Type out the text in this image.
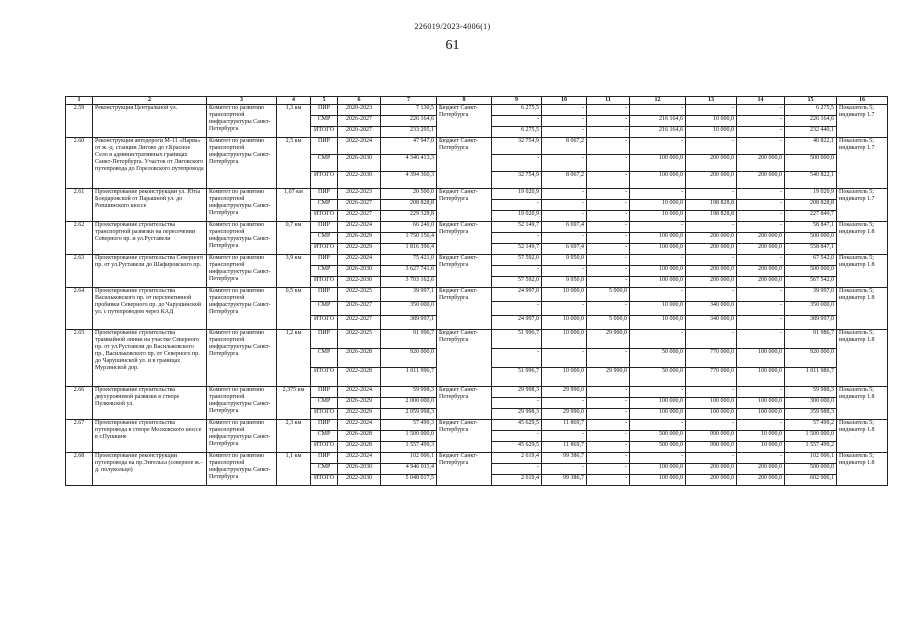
226019/2023-4006(1)
61
1	2	3	4	5	6	7	8	9	10	11	12	13	14	15	16
2.59	Реконструкция Центральной ул.	Комитет по развитию транспортной инфраструктуры Санкт-Петербурга	1,3 км	ПИР	2020-2023	7 130,5	Бюджет Санкт-Петербурга	6 275,5	-	-	-	-	-	6 275,5	Показатель 5; индикатор 1.7
				СМР	2026-2027	226 164,6		-	-	-	216 164,6	10 000,0	-	226 164,6	
				ИТОГО	2020-2027	233 295,1		6 275,5	-	-	216 164,6	10 000,0	-	232 440,1	
2.60	Реконструкция автодороги М-11 «Нарва» от ж.-д. станции Лигово до г.Красное Село в административных границах Санкт-Петербурга. Участок от Лиговского путепровода до Гореловского путепровода	Комитет по развитию транспортной инфраструктуры Санкт-Петербурга	2,5 км	ПИР	2022-2024	47 947,0	Бюджет Санкт-Петербурга	32 754,9	8 067,2	-	-	-	-	40 822,1	Показатель 5; индикатор 1.7
				СМР	2026-2030	4 346 413,3		-	-	-	100 000,0	200 000,0	200 000,0	500 000,0	
				ИТОГО	2022-2030	4 394 360,3		32 754,9	8 067,2	-	100 000,0	200 000,0	200 000,0	540 822,1	
2.61	Проектирование реконструкции ул. Юты Бондаровской от Парашной ул. до Ропшинского шоссе	Комитет по развитию транспортной инфраструктуры Санкт-Петербурга	1,07 км	ПИР	2022-2023	20 500,0	Бюджет Санкт-Петербурга	19 020,9	-	-	-	-	-	19 020,9	Показатель 5; индикатор 1.7
				СМР	2026-2027	208 828,8		-	-	-	10 000,0	198 828,8	-	208 828,8	
				ИТОГО	2022-2027	229 328,8		19 020,9	-	-	10 000,0	198 828,8	-	227 849,7	
2.62	Проектирование строительства транспортной развязки на пересечении Северного пр. и ул.Руставели	Комитет по развитию транспортной инфраструктуры Санкт-Петербурга	0,7 км	ПИР	2022-2024	66 240,0	Бюджет Санкт-Петербурга	52 149,7	6 697,4	-	-	-	-	58 847,1	Показатель 5; индикатор 1.8
				СМР	2026-2029	1 750 156,4		-	-	-	100 000,0	200 000,0	200 000,0	500 000,0	
				ИТОГО	2022-2029	1 816 396,4		52 149,7	6 697,4	-	100 000,0	200 000,0	200 000,0	558 847,1	
2.63	Проектирование строительства Северного пр. от ул.Руставели до Шафировского пр.	Комитет по развитию транспортной инфраструктуры Санкт-Петербурга	3,9 км	ПИР	2022-2024	75 421,0	Бюджет Санкт-Петербурга	57 592,0	9 950,0	-	-	-	-	67 542,0	Показатель 5; индикатор 1.8
				СМР	2026-2030	3 627 741,6		-	-	-	100 000,0	200 000,0	200 000,0	500 000,0	
				ИТОГО	2022-2030	3 703 162,6		57 592,0	9 950,0	-	100 000,0	200 000,0	200 000,0	567 542,0	
2.64	Проектирование строительства Васильковского пр. от перспективной пробивки Северного пр. до Чарушинской ул. с путепроводом через КАД	Комитет по развитию транспортной инфраструктуры Санкт-Петербурга	0,5 км	ПИР	2022-2025	39 997,1	Бюджет Санкт-Петербурга	24 997,0	10 000,0	5 000,0	-	-	-	39 997,0	Показатель 5; индикатор 1.8
				СМР	2026-2027	350 000,0		-	-	-	10 000,0	340 000,0	-	350 000,0	
				ИТОГО	2022-2027	389 997,1		24 997,0	10 000,0	5 000,0	10 000,0	340 000,0	-	389 997,0	
2.65	Проектирование строительства трамвайной линии на участке Северного пр. от ул.Руставели до Васильковского пр., Васильковского пр. от Северного пр. до Чарушинской ул. и в границах Мурзинской дор.	Комитет по развитию транспортной инфраструктуры Санкт-Петербурга	1,2 км	ПИР	2022-2025	91 996,7	Бюджет Санкт-Петербурга	51 996,7	10 000,0	29 990,0	-	-	-	91 986,7	Показатель 5; индикатор 1.8
				СМР	2026-2028	920 000,0		-	-	-	50 000,0	770 000,0	100 000,0	920 000,0	
				ИТОГО	2022-2028	1 011 996,7		51 996,7	10 000,0	29 990,0	50 000,0	770 000,0	100 000,0	1 011 986,7	
2.66	Проектирование строительства двухуровневой развязки в створе Пулковской ул.	Комитет по развитию транспортной инфраструктуры Санкт-Петербурга	2,375 км	ПИР	2022-2024	59 998,3	Бюджет Санкт-Петербурга	29 998,3	29 990,0	-	-	-	-	59 988,3	Показатель 5; индикатор 1.8
				СМР	2026-2029	2 000 000,0		-	-	-	100 000,0	100 000,0	100 000,0	300 000,0	
				ИТОГО	2022-2029	2 059 998,3		29 998,3	29 990,0	-	100 000,0	100 000,0	100 000,0	359 988,3	
2.67	Проектирование строительства путепровода в створе Московского шоссе в г.Пушкине	Комитет по развитию транспортной инфраструктуры Санкт-Петербурга	2,3 км	ПИР	2022-2024	57 499,3	Бюджет Санкт-Петербурга	45 629,5	11 869,7	-	-	-	-	57 499,2	Показатель 5; индикатор 1.8
				СМР	2026-2028	1 500 000,0		-	-	-	500 000,0	990 000,0	10 000,0	1 500 000,0	
				ИТОГО	2022-2028	1 557 499,3		45 629,5	11 869,7	-	500 000,0	990 000,0	10 000,0	1 557 499,2	
2.68	Проектирование реконструкции путепровода на пр.Энгельса (северное ж.-д. полукольцо)	Комитет по развитию транспортной инфраструктуры Санкт-Петербурга	1,1 км	ПИР	2022-2024	102 006,1	Бюджет Санкт-Петербурга	2 619,4	99 386,7	-	-	-	-	102 006,1	Показатель 5; индикатор 1.8
				СМР	2026-2030	4 946 011,4		-	-	-	100 000,0	200 000,0	200 000,0	500 000,0	
				ИТОГО	2022-2030	5 048 017,5		2 619,4	99 386,7	-	100 000,0	200 000,0	200 000,0	602 006,1	
